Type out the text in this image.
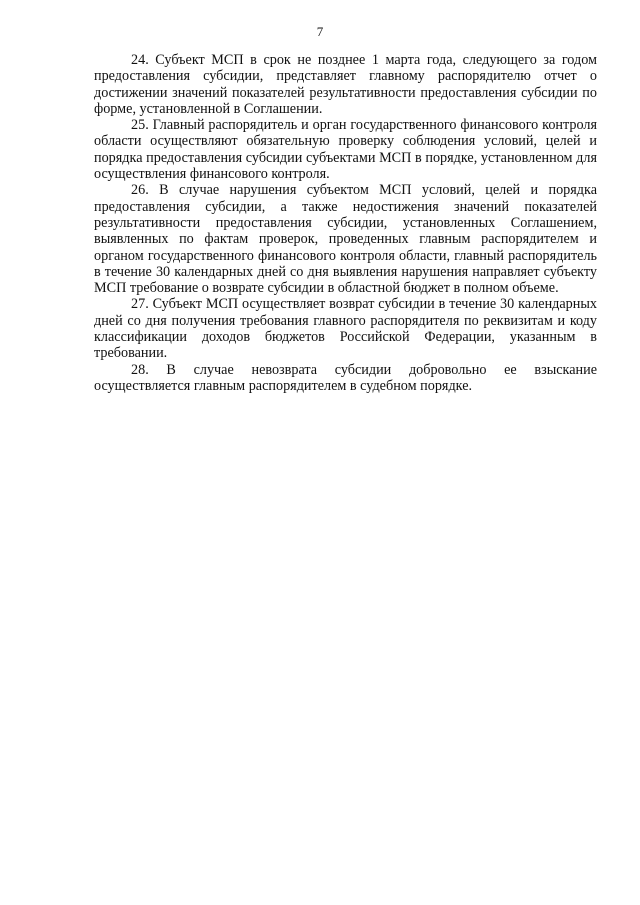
7

24. Субъект МСП в срок не позднее 1 марта года, следующего за годом предоставления субсидии, представляет главному распорядителю отчет о достижении значений показателей результативности предоставления субсидии по форме, установленной в Соглашении.

25. Главный распорядитель и орган государственного финансового контроля области осуществляют обязательную проверку соблюдения условий, целей и порядка предоставления субсидии субъектами МСП в порядке, установленном для осуществления финансового контроля.

26. В случае нарушения субъектом МСП условий, целей и порядка предоставления субсидии, а также недостижения значений показателей результативности предоставления субсидии, установленных Соглашением, выявленных по фактам проверок, проведенных главным распорядителем и органом государственного финансового контроля области, главный распорядитель в течение 30 календарных дней со дня выявления нарушения направляет субъекту МСП требование о возврате субсидии в областной бюджет в полном объеме.

27. Субъект МСП осуществляет возврат субсидии в течение 30 календарных дней со дня получения требования главного распорядителя по реквизитам и коду классификации доходов бюджетов Российской Федерации, указанным в требовании.

28. В случае невозврата субсидии добровольно ее взыскание осуществляется главным распорядителем в судебном порядке.
